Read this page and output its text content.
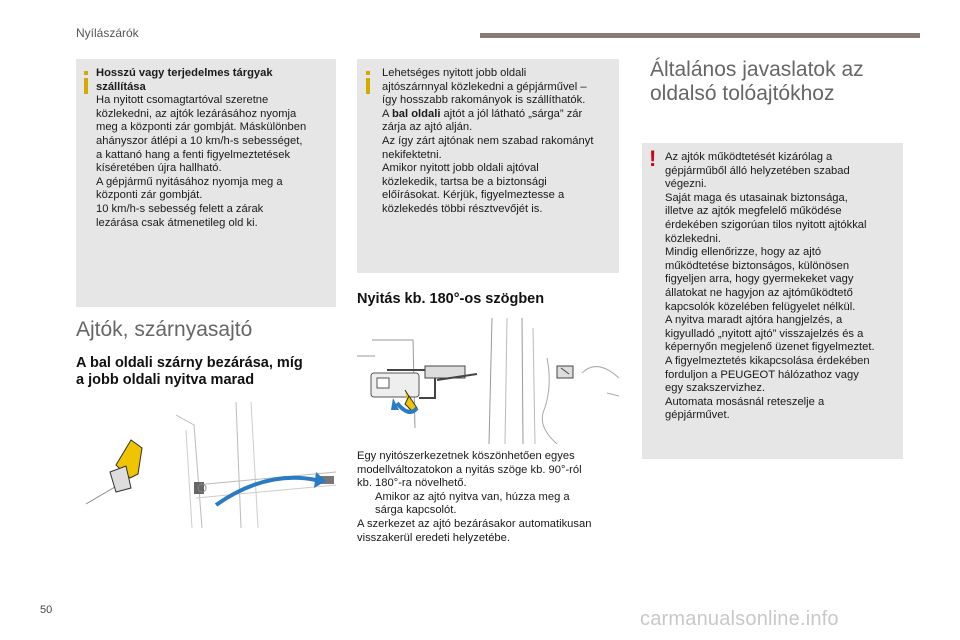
Nyílászárók
Hosszú vagy terjedelmes tárgyak
szállítása
Ha nyitott csomagtartóval szeretne
közlekedni, az ajtók lezárásához nyomja
meg a központi zár gombját. Máskülönben
ahányszor átlépi a 10 km/h-s sebességet,
a kattanó hang a fenti figyelmeztetések
kíséretében újra hallható.
A gépjármű nyitásához nyomja meg a
központi zár gombját.
10 km/h-s sebesség felett a zárak
lezárása csak átmenetileg old ki.
Ajtók, szárnyasajtó
A bal oldali szárny bezárása, míg
a jobb oldali nyitva marad
Lehetséges nyitott jobb oldali
ajtószárnnyal közlekedni a gépjárművel –
így hosszabb rakományok is szállíthatók.
A bal oldali ajtót a jól látható „sárga” zár
zárja az ajtó alján.
Az így zárt ajtónak nem szabad rakományt
nekifektetni.
Amikor nyitott jobb oldali ajtóval
közlekedik, tartsa be a biztonsági
előírásokat. Kérjük, figyelmeztesse a
közlekedés többi résztvevőjét is.
Nyitás kb. 180°-os szögben
Egy nyitószerkezetnek köszönhetően egyes
modellváltozatokon a nyitás szöge kb. 90°-ról
kb. 180°-ra növelhető.
Amikor az ajtó nyitva van, húzza meg a
sárga kapcsolót.
A szerkezet az ajtó bezárásakor automatikusan
visszakerül eredeti helyzetébe.
Általános javaslatok az
oldalsó tolóajtókhoz
! Az ajtók működtetését kizárólag a
gépjárműből álló helyzetében szabad
végezni.
Saját maga és utasainak biztonsága,
illetve az ajtók megfelelő működése
érdekében szigorúan tilos nyitott ajtókkal
közlekedni.
Mindig ellenőrizze, hogy az ajtó
működtetése biztonságos, különösen
figyeljen arra, hogy gyermekeket vagy
állatokat ne hagyjon az ajtóműködtető
kapcsolók közelében felügyelet nélkül.
A nyitva maradt ajtóra hangjelzés, a
kigyulladó „nyitott ajtó” visszajelzés és a
képernyőn megjelenő üzenet figyelmeztet.
A figyelmeztetés kikapcsolása érdekében
forduljon a PEUGEOT hálózathoz vagy
egy szakszervizhez.
Automata mosásnál reteszelje a
gépjárművet.
50	carmanualsonline.info
